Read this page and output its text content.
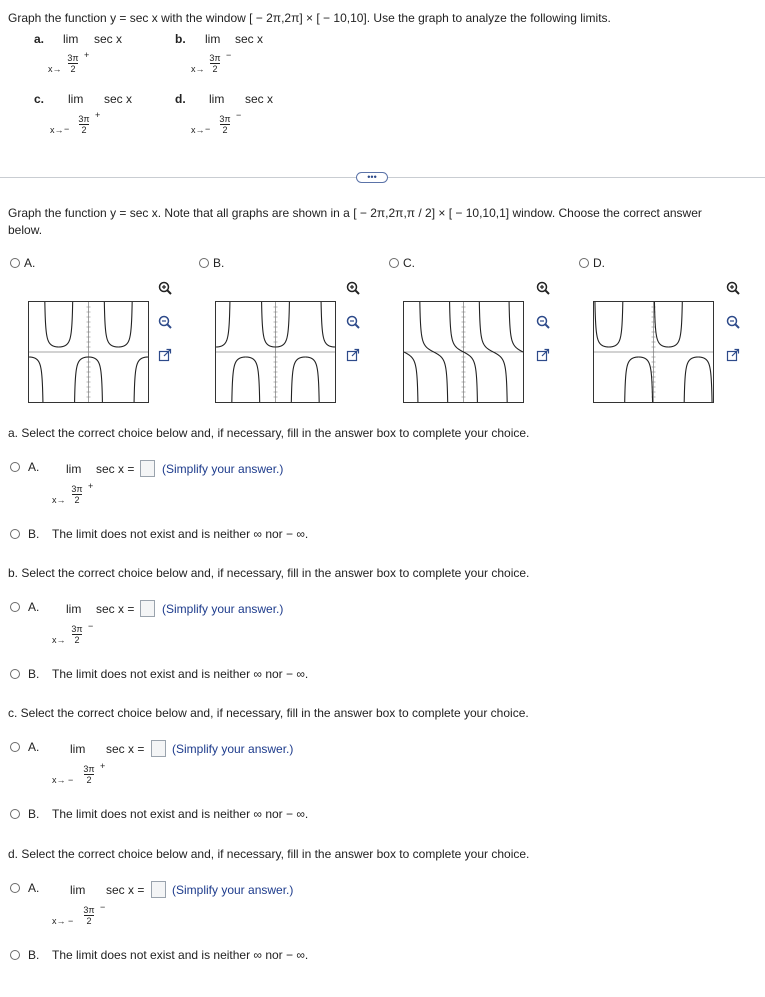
Graph the function y = sec x with the window [ − 2π,2π] × [ − 10,10]. Use the graph to analyze the following limits.
a. lim sec x
x→
3π
2
+
b. lim sec x
x→
3π
2
−
c. lim sec x
x→ −
3π
2
+
d. lim sec x
x→ −
3π
2
−
•••
Graph the function y = sec x. Note that all graphs are shown in a [ − 2π,2π,π / 2] × [ − 10,10,1] window. Choose the correct answer
below.
A.	B.	C.	D.
a. Select the correct choice below and, if necessary, fill in the answer box to complete your choice.
A. lim sec x = (Simplify your answer.)
x→
3π
2
+
B. The limit does not exist and is neither ∞ nor − ∞.
b. Select the correct choice below and, if necessary, fill in the answer box to complete your choice.
A. lim sec x = (Simplify your answer.)
x→
3π
2
−
B. The limit does not exist and is neither ∞ nor − ∞.
c. Select the correct choice below and, if necessary, fill in the answer box to complete your choice.
A.	lim sec x = (Simplify your answer.)
x→ −
3π
2
+
B. The limit does not exist and is neither ∞ nor − ∞.
d. Select the correct choice below and, if necessary, fill in the answer box to complete your choice.
A.	lim sec x = (Simplify your answer.)
x→ −
3π
2
−
B. The limit does not exist and is neither ∞ nor − ∞.
